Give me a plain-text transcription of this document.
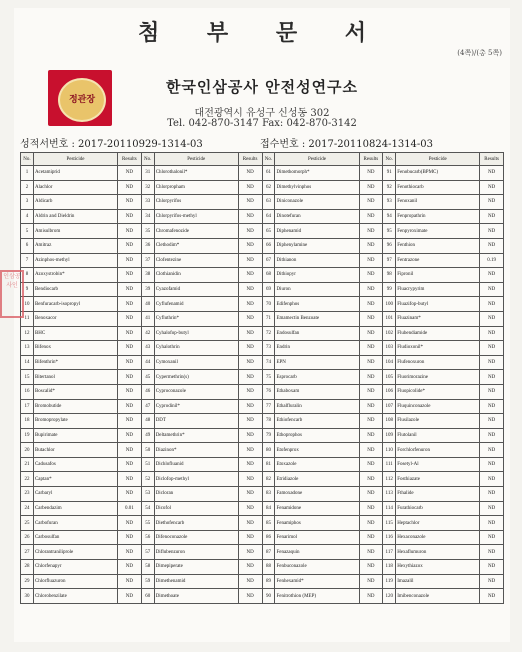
첨 부 문 서
(4쪽)/(총 5쪽)
정관장
한국인삼공사 안전성연구소
대전광역시 유성구 신성동 302
Tel. 042-870-3147 Fax: 042-870-3142
성적서번호 : 2017-20110929-1314-03	접수번호 : 2017-20110824-1314-03
No.	Pesticide	Results	No.	Pesticide	Results	No.	Pesticide	Results	No.	Pesticide	Results
1	Acetamiprid	ND	31	Chlorothalonil*	ND	61	Dimethomorph*	ND	91	Fenobucarb(BPMC)	ND
2	Alachlor	ND	32	Chlorpropham	ND	62	Dimethylvinphos	ND	92	Fenothiocarb	ND
3	Aldicarb	ND	33	Chlorpyrifos	ND	63	Diniconazole	ND	93	Fenoxanil	ND
4	Aldrin and Dieldrin	ND	34	Chlorpyrifos-methyl	ND	64	Dinotefuran	ND	94	Fenpropathrin	ND
5	Amisulbrom	ND	35	Chromafenozide	ND	65	Diphenamid	ND	95	Fenpyroximate	ND
6	Amitraz	ND	36	Clethodim*	ND	66	Diphenylamine	ND	96	Fenthion	ND
7	Azinphos-methyl	ND	37	Clofentezine	ND	67	Dithianon	ND	97	Fentrazone	0.19
8	Azoxystrobin*	ND	38	Clothianidin	ND	68	Dithiopyr	ND	98	Fipronil	ND
9	Bendiocarb	ND	39	Cyazofamid	ND	69	Diuron	ND	99	Fluacrypyrim	ND
10	Benfuracarb-isopropyl	ND	40	Cyflufenamid	ND	70	Edifenphos	ND	100	Fluazifop-butyl	ND
11	Benoxacor	ND	41	Cyfluthrin*	ND	71	Emamectin Benzoate	ND	101	Fluazinam*	ND
12	BHC	ND	42	Cyhalofop-butyl	ND	72	Endosulfan	ND	102	Flubendiamide	ND
13	Bifenox	ND	43	Cyhalothrin	ND	73	Endrin	ND	103	Fludioxonil*	ND
14	Bifenthrin*	ND	44	Cymoxanil	ND	74	EPN	ND	104	Flufenoxuron	ND
15	Bitertanol	ND	45	Cypermethrin(s)	ND	75	Esprocarb	ND	105	Fluorimorazine	ND
16	Boscalid*	ND	46	Cyproconazole	ND	76	Ethaboxam	ND	106	Fluopicolide*	ND
17	Bromobutide	ND	47	Cyprodinil*	ND	77	Ethalfluralin	ND	107	Fluquinconazole	ND
18	Bromopropylate	ND	48	DDT	ND	78	Ethiofencarb	ND	108	Flusilazole	ND
19	Bupirimate	ND	49	Deltamethrin*	ND	79	Ethoprophos	ND	109	Flutolanil	ND
20	Butachlor	ND	50	Diazinon*	ND	80	Etofenprox	ND	110	Forchlorfenuron	ND
21	Cadusafos	ND	51	Dichlofluanid	ND	81	Etoxazole	ND	111	Fosetyl-Al	ND
22	Captan*	ND	52	Diclofop-methyl	ND	82	Etridiazole	ND	112	Fosthiazate	ND
23	Carbaryl	ND	53	Dicloran	ND	83	Famoxadone	ND	113	Fthalide	ND
24	Carbendazim	0.01	54	Dicofol	ND	84	Fenamidone	ND	114	Furathiocarb	ND
25	Carbofuran	ND	55	Diethofencarb	ND	85	Fenamiphos	ND	115	Heptachlor	ND
26	Carbosulfan	ND	56	Difenoconazole	ND	86	Fenarimol	ND	116	Hexaconazole	ND
27	Chlorantraniliprole	ND	57	Diflubenzuron	ND	87	Fenazaquin	ND	117	Hexaflumuron	ND
28	Chlorfenapyr	ND	58	Dimepiperate	ND	88	Fenbuconazole	ND	118	Hexythiazox	ND
29	Chlorfluazuron	ND	59	Dimethenamid	ND	89	Fenhexamid*	ND	119	Imazalil	ND
30	Chlorobenzilate	ND	60	Dimethoate	ND	90	Fenitrothion (MEP)	ND	120	Imibenconazole	ND
인삼공사인
